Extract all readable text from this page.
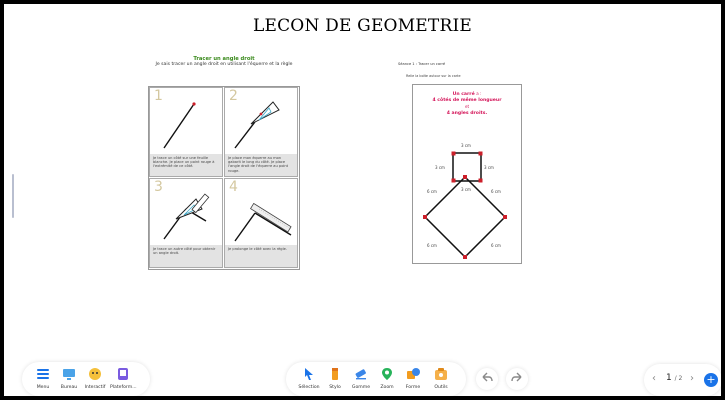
LECON DE GEOMETRIE
Tracer un angle droit
Je sais tracer un angle droit en utilisant l'équerre et la règle
1
Je trace un côté sur une feuille blanche. Je place un point rouge à l'extrémité de ce côté.
2
Je place mon équerre au mon gabarit le long du côté. Je place l'angle droit de l'équerre au point rouge.
3
Je trace un autre côté pour obtenir un angle droit.
4
Je prolonge le côté avec la règle.
Séance 1 : Tracer un carré
Relie la boîte autour sur la carte
Un carré a :
4 côtés de même longueur
et
4 angles droits.
3 cm
3 cm	3 cm
3 cm
6 cm	6 cm
6 cm	6 cm
Menu	Bureau	Interactif Plateform...	Sélection	Stylo	Gomme	Zoom	Forme	Outils
‹ 1 / 2 › +
